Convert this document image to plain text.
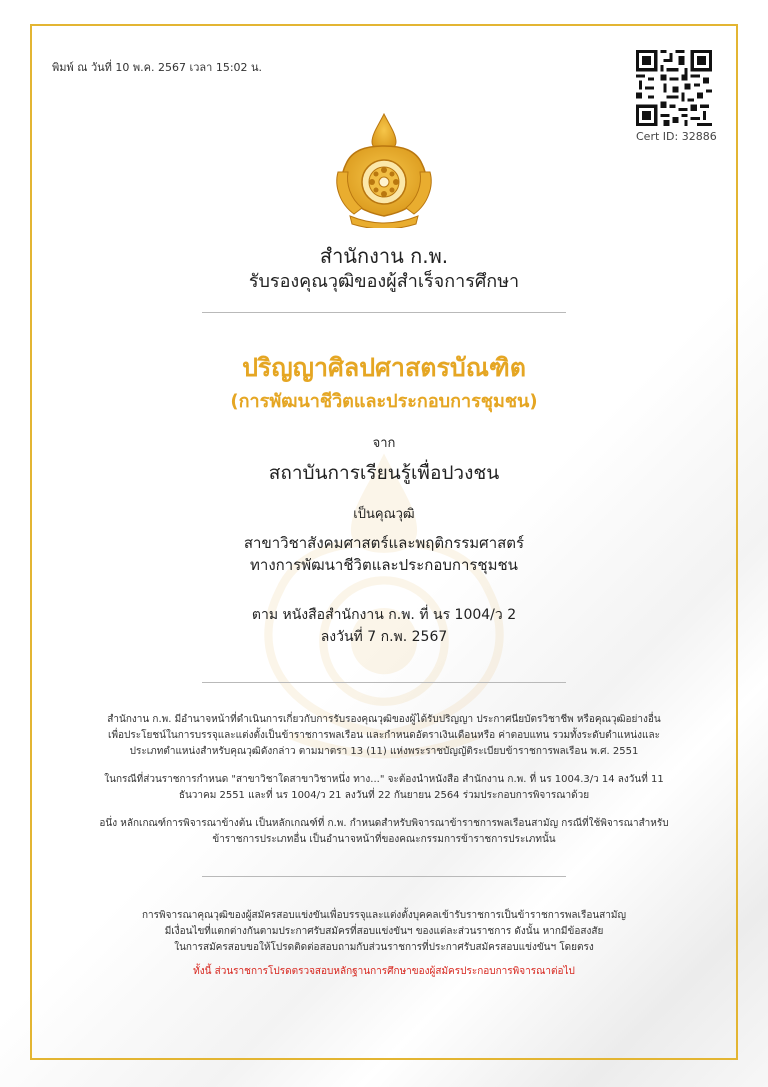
พิมพ์ ณ วันที่ 10 พ.ค. 2567 เวลา 15:02 น.
Cert ID: 32886
สำนักงาน ก.พ.
รับรองคุณวุฒิของผู้สำเร็จการศึกษา
ปริญญาศิลปศาสตรบัณฑิต
(การพัฒนาชีวิตและประกอบการชุมชน)
จาก
สถาบันการเรียนรู้เพื่อปวงชน
เป็นคุณวุฒิ
สาขาวิชาสังคมศาสตร์และพฤติกรรมศาสตร์
ทางการพัฒนาชีวิตและประกอบการชุมชน
ตาม หนังสือสำนักงาน ก.พ. ที่ นร 1004/ว 2
ลงวันที่ 7 ก.พ. 2567
สำนักงาน ก.พ. มีอำนาจหน้าที่ดำเนินการเกี่ยวกับการรับรองคุณวุฒิของผู้ได้รับปริญญา ประกาศนียบัตรวิชาชีพ หรือคุณวุฒิอย่างอื่น
เพื่อประโยชน์ในการบรรจุและแต่งตั้งเป็นข้าราชการพลเรือน และกำหนดอัตราเงินเดือนหรือ ค่าตอบแทน รวมทั้งระดับตำแหน่งและ
ประเภทตำแหน่งสำหรับคุณวุฒิดังกล่าว ตามมาตรา 13 (11) แห่งพระราชบัญญัติระเบียบข้าราชการพลเรือน พ.ศ. 2551
ในกรณีที่ส่วนราชการกำหนด "สาขาวิชาใดสาขาวิชาหนึ่ง ทาง..." จะต้องนำหนังสือ สำนักงาน ก.พ. ที่ นร 1004.3/ว 14 ลงวันที่ 11
ธันวาคม 2551 และที่ นร 1004/ว 21 ลงวันที่ 22 กันยายน 2564 ร่วมประกอบการพิจารณาด้วย
อนึ่ง หลักเกณฑ์การพิจารณาข้างต้น เป็นหลักเกณฑ์ที่ ก.พ. กำหนดสำหรับพิจารณาข้าราชการพลเรือนสามัญ กรณีที่ใช้พิจารณาสำหรับ
ข้าราชการประเภทอื่น เป็นอำนาจหน้าที่ของคณะกรรมการข้าราชการประเภทนั้น
การพิจารณาคุณวุฒิของผู้สมัครสอบแข่งขันเพื่อบรรจุและแต่งตั้งบุคคลเข้ารับราชการเป็นข้าราชการพลเรือนสามัญ
มีเงื่อนไขที่แตกต่างกันตามประกาศรับสมัครที่สอบแข่งขันฯ ของแต่ละส่วนราชการ ดังนั้น หากมีข้อสงสัย
ในการสมัครสอบขอให้โปรดติดต่อสอบถามกับส่วนราชการที่ประกาศรับสมัครสอบแข่งขันฯ โดยตรง
ทั้งนี้ ส่วนราชการโปรดตรวจสอบหลักฐานการศึกษาของผู้สมัครประกอบการพิจารณาต่อไป
